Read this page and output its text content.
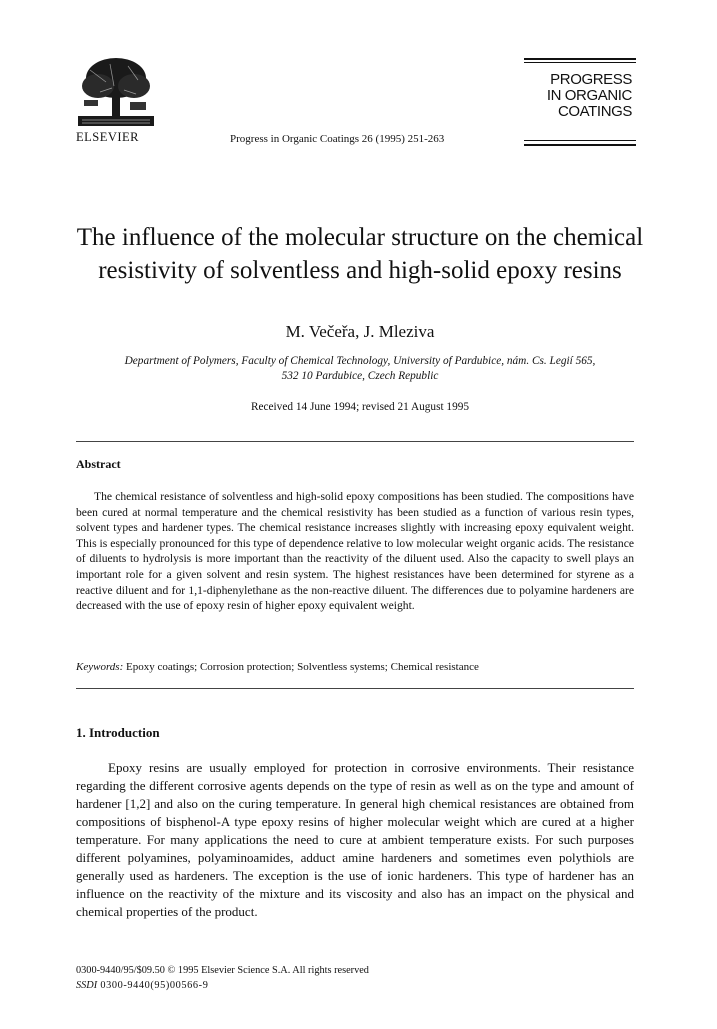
ELSEVIER	Progress in Organic Coatings 26 (1995) 251-263
PROGRESS
IN ORGANIC
COATINGS
The influence of the molecular structure on the chemical resistivity of solventless and high-solid epoxy resins
M. Večeřa, J. Mleziva
Department of Polymers, Faculty of Chemical Technology, University of Pardubice, nám. Cs. Legií 565,
532 10 Pardubice, Czech Republic
Received 14 June 1994; revised 21 August 1995
Abstract

The chemical resistance of solventless and high-solid epoxy compositions has been studied. The compositions have been cured at normal temperature and the chemical resistivity has been studied as a function of various resin types, solvent types and hardener types. The chemical resistance increases slightly with increasing epoxy equivalent weight. This is especially pronounced for this type of dependence relative to low molecular weight organic acids. The resistance of diluents to hydrolysis is more important than the reactivity of the diluent used. Also the capacity to swell plays an important role for a given solvent and resin system. The highest resistances have been determined for styrene as a reactive diluent and for 1,1-diphenylethane as the non-reactive diluent. The differences due to polyamine hardeners are decreased with the use of epoxy resin of higher epoxy equivalent weight.

Keywords: Epoxy coatings; Corrosion protection; Solventless systems; Chemical resistance
1. Introduction

Epoxy resins are usually employed for protection in corrosive environments. Their resistance regarding the different corrosive agents depends on the type of resin as well as on the type and amount of hardener [1,2] and also on the curing temperature. In general high chemical resistances are obtained from compositions of bisphenol-A type epoxy resins of higher molecular weight which are cured at a higher temperature. For many applications the need to cure at ambient temperature exists. For such purposes different polyamines, polyaminoamides, adduct amine hardeners and sometimes even polythiols are generally used as hardeners. The exception is the use of ionic hardeners. This type of hardener has an influence on the reactivity of the mixture and its viscosity and also has an impact on the physical and chemical properties of the product.

0300-9440/95/$09.50 © 1995 Elsevier Science S.A. All rights reserved
SSDI 0300-9440(95)00566-9
